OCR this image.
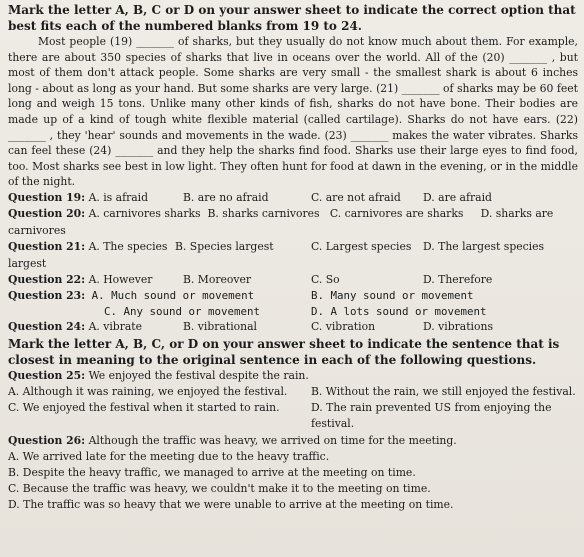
Mark the letter A, B, C or D on your answer sheet to indicate the correct option that best fits each of the numbered blanks from 19 to 24.

Most people (19) _______ of sharks, but they usually do not know much about them. For example, there are about 350 species of sharks that live in oceans over the world. All of the (20) _______ , but most of them don't attack people. Some sharks are very small - the smallest shark is about 6 inches long - about as long as your hand. But some sharks are very large. (21) _______ of sharks may be 60 feet long and weigh 15 tons. Unlike many other kinds of fish, sharks do not have bone. Their bodies are made up of a kind of tough white flexible material (called cartilage). Sharks do not have ears. (22) _______ , they 'hear' sounds and movements in the wade. (23) _______ makes the water vibrates. Sharks can feel these (24) _______ and they help the sharks find food. Sharks use their large eyes to find food, too. Most sharks see best in low light. They often hunt for food at dawn in the evening, or in the middle of the night.

Question 19: A. is afraid	B. are no afraid	C. are not afraid	D. are afraid
Question 20: A. carnivores sharks B. sharks carnivores C. carnivores are sharks D. sharks are carnivores
Question 21: A. The species largest
B. Species largest	C. Largest species	D. The largest species
Question 22: A. However	B. Moreover	C. So	D. Therefore
Question 23: A. Much sound or movement	B. Many sound or movement
C. Any sound or movement	D. A lots sound or movement
Question 24: A. vibrate	B. vibrational	C. vibration	D. vibrations

Mark the letter A, B, C, or D on your answer sheet to indicate the sentence that is closest in meaning to the original sentence in each of the following questions.

Question 25: We enjoyed the festival despite the rain.

A. Although it was raining, we enjoyed the festival.	B. Without the rain, we still enjoyed the festival.
C. We enjoyed the festival when it started to rain.	D. The rain prevented US from enjoying the festival.

Question 26: Although the traffic was heavy, we arrived on time for the meeting.

A. We arrived late for the meeting due to the heavy traffic.

B. Despite the heavy traffic, we managed to arrive at the meeting on time.

C. Because the traffic was heavy, we couldn't make it to the meeting on time.

D. The traffic was so heavy that we were unable to arrive at the meeting on time.
